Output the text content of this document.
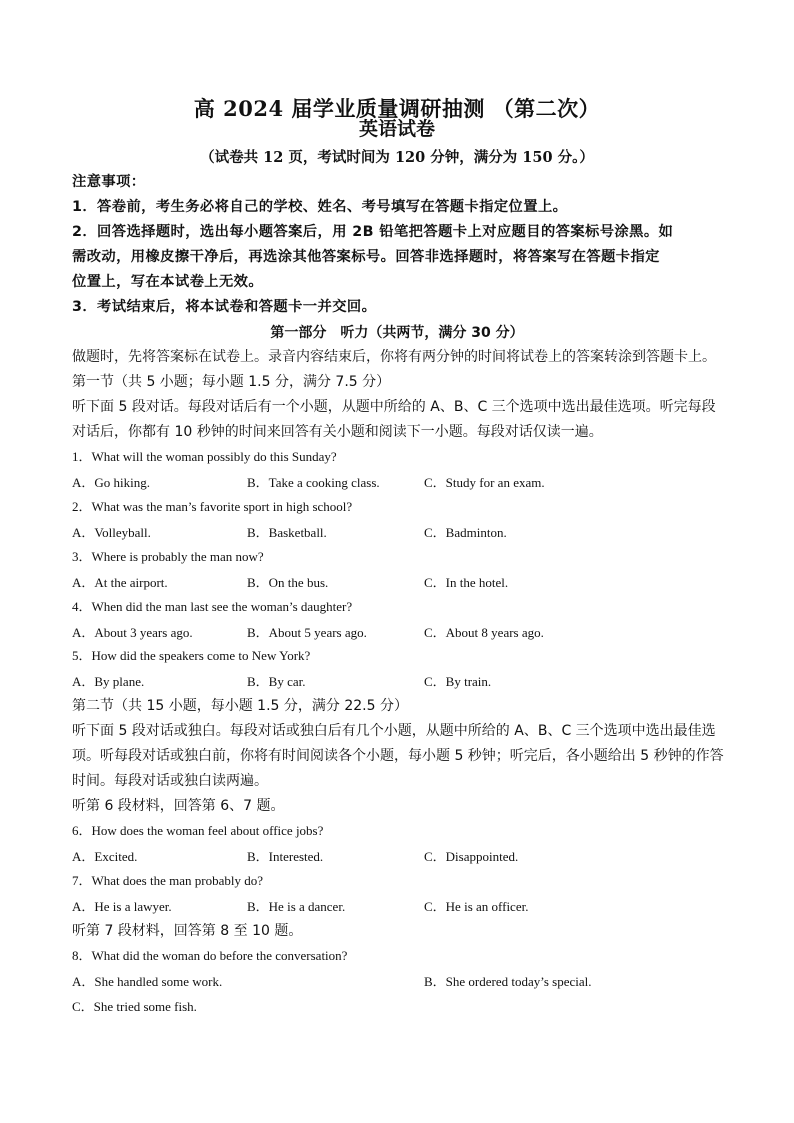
高 2024 届学业质量调研抽测 （第二次）
英语试卷
（试卷共 12 页，考试时间为 120 分钟，满分为 150 分。）
注意事项：
1．答卷前，考生务必将自己的学校、姓名、考号填写在答题卡指定位置上。
2．回答选择题时，选出每小题答案后，用 2B 铅笔把答题卡上对应题目的答案标号涂黑。如
需改动，用橡皮擦干净后，再选涂其他答案标号。回答非选择题时，将答案写在答题卡指定
位置上，写在本试卷上无效。
3．考试结束后，将本试卷和答题卡一并交回。
第一部分　听力（共两节，满分 30 分）
做题时，先将答案标在试卷上。录音内容结束后，你将有两分钟的时间将试卷上的答案转涂到答题卡上。
第一节（共 5 小题；每小题 1.5 分，满分 7.5 分）
听下面 5 段对话。每段对话后有一个小题，从题中所给的 A、B、C 三个选项中选出最佳选项。听完每段
对话后，你都有 10 秒钟的时间来回答有关小题和阅读下一小题。每段对话仅读一遍。
1．What will the woman possibly do this Sunday?
A．Go hiking.	B．Take a cooking class.	C．Study for an exam.
2．What was the man’s favorite sport in high school?
A．Volleyball.	B．Basketball.	C．Badminton.
3．Where is probably the man now?
A．At the airport.	B．On the bus.	C．In the hotel.
4．When did the man last see the woman’s daughter?
A．About 3 years ago.	B．About 5 years ago.	C．About 8 years ago.
5．How did the speakers come to New York?
A．By plane.	B．By car.	C．By train.
第二节（共 15 小题，每小题 1.5 分，满分 22.5 分）
听下面 5 段对话或独白。每段对话或独白后有几个小题，从题中所给的 A、B、C 三个选项中选出最佳选
项。听每段对话或独白前，你将有时间阅读各个小题，每小题 5 秒钟；听完后，各小题给出 5 秒钟的作答
时间。每段对话或独白读两遍。
听第 6 段材料，回答第 6、7 题。
6．How does the woman feel about office jobs?
A．Excited.	B．Interested.	C．Disappointed.
7．What does the man probably do?
A．He is a lawyer.	B．He is a dancer.	C．He is an officer.
听第 7 段材料，回答第 8 至 10 题。
8．What did the woman do before the conversation?
A．She handled some work.	B．She ordered today’s special.
C．She tried some fish.
